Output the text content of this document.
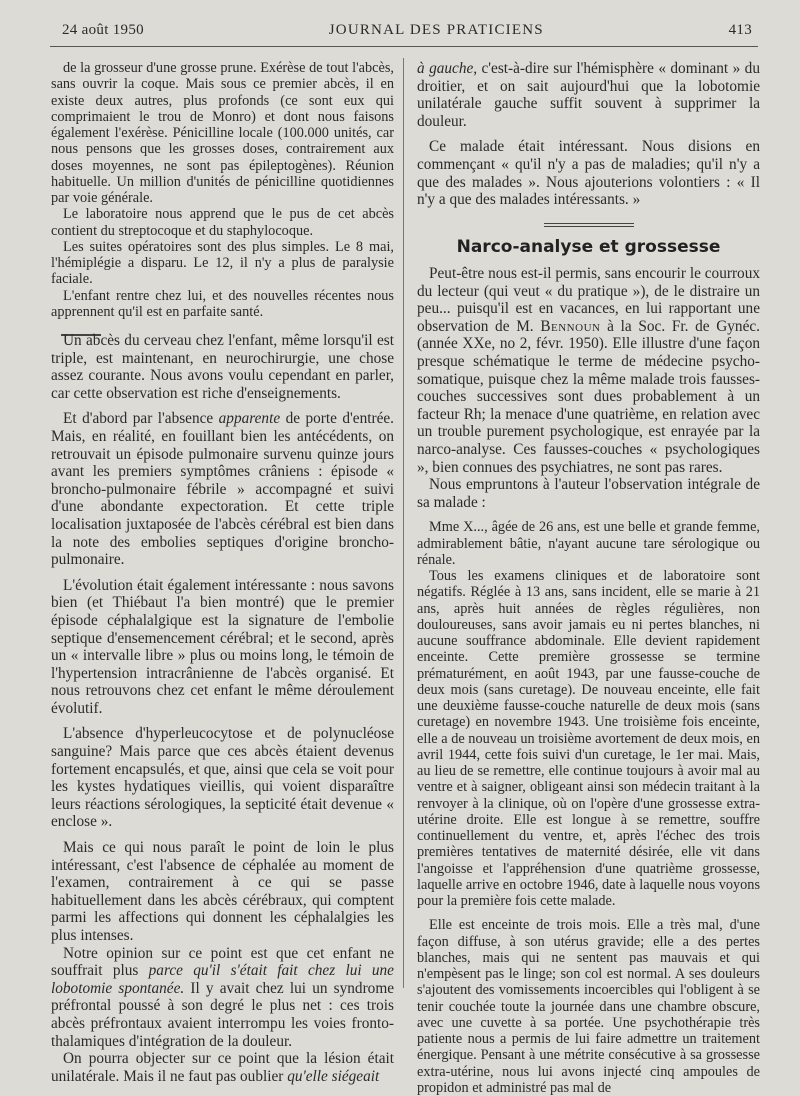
24 août 1950	JOURNAL DES PRATICIENS	413

de la grosseur d'une grosse prune. Exérèse de tout l'abcès, sans ouvrir la coque. Mais sous ce premier abcès, il en existe deux autres, plus profonds (ce sont eux qui comprimaient le trou de Monro) et dont nous faisons également l'exérèse. Pénicilline locale (100.000 unités, car nous pensons que les grosses doses, contrairement aux doses moyennes, ne sont pas épileptogènes). Réunion habituelle. Un million d'unités de pénicilline quotidiennes par voie générale.

Le laboratoire nous apprend que le pus de cet abcès contient du streptocoque et du staphylocoque.

Les suites opératoires sont des plus simples. Le 8 mai, l'hémiplégie a disparu. Le 12, il n'y a plus de paralysie faciale.

L'enfant rentre chez lui, et des nouvelles récentes nous apprennent qu'il est en parfaite santé.

Un abcès du cerveau chez l'enfant, même lorsqu'il est triple, est maintenant, en neurochirurgie, une chose assez courante. Nous avons voulu cependant en parler, car cette observation est riche d'enseignements.

Et d'abord par l'absence apparente de porte d'entrée. Mais, en réalité, en fouillant bien les antécédents, on retrouvait un épisode pulmonaire survenu quinze jours avant les premiers symptômes crâniens : épisode « broncho-pulmonaire fébrile » accompagné et suivi d'une abondante expectoration. Et cette triple localisation juxtaposée de l'abcès cérébral est bien dans la note des embolies septiques d'origine broncho-pulmonaire.

L'évolution était également intéressante : nous savons bien (et Thiébaut l'a bien montré) que le premier épisode céphalalgique est la signature de l'embolie septique d'ensemencement cérébral; et le second, après un « intervalle libre » plus ou moins long, le témoin de l'hypertension intracrânienne de l'abcès organisé. Et nous retrouvons chez cet enfant le même déroulement évolutif.

L'absence d'hyperleucocytose et de polynucléose sanguine? Mais parce que ces abcès étaient devenus fortement encapsulés, et que, ainsi que cela se voit pour les kystes hydatiques vieillis, qui voient disparaître leurs réactions sérologiques, la septicité était devenue « enclose ».

Mais ce qui nous paraît le point de loin le plus intéressant, c'est l'absence de céphalée au moment de l'examen, contrairement à ce qui se passe habituellement dans les abcès cérébraux, qui comptent parmi les affections qui donnent les céphalalgies les plus intenses.

Notre opinion sur ce point est que cet enfant ne souffrait plus parce qu'il s'était fait chez lui une lobotomie spontanée. Il y avait chez lui un syndrome préfrontal poussé à son degré le plus net : ces trois abcès préfrontaux avaient interrompu les voies fronto-thalamiques d'intégration de la douleur.

On pourra objecter sur ce point que la lésion était unilatérale. Mais il ne faut pas oublier qu'elle siégeait

à gauche, c'est-à-dire sur l'hémisphère « dominant » du droitier, et on sait aujourd'hui que la lobotomie unilatérale gauche suffit souvent à supprimer la douleur.

Ce malade était intéressant. Nous disions en commençant « qu'il n'y a pas de maladies; qu'il n'y a que des malades ». Nous ajouterions volontiers : « Il n'y a que des malades intéressants. »

Narco-analyse et grossesse

Peut-être nous est-il permis, sans encourir le courroux du lecteur (qui veut « du pratique »), de le distraire un peu... puisqu'il est en vacances, en lui rapportant une observation de M. Bennoun à la Soc. Fr. de Gynéc. (année XXe, no 2, févr. 1950). Elle illustre d'une façon presque schématique le terme de médecine psycho-somatique, puisque chez la même malade trois fausses-couches successives sont dues probablement à un facteur Rh; la menace d'une quatrième, en relation avec un trouble purement psychologique, est enrayée par la narco-analyse. Ces fausses-couches « psychologiques », bien connues des psychiatres, ne sont pas rares.

Nous empruntons à l'auteur l'observation intégrale de sa malade :

Mme X..., âgée de 26 ans, est une belle et grande femme, admirablement bâtie, n'ayant aucune tare sérologique ou rénale.

Tous les examens cliniques et de laboratoire sont négatifs. Réglée à 13 ans, sans incident, elle se marie à 21 ans, après huit années de règles régulières, non douloureuses, sans avoir jamais eu ni pertes blanches, ni aucune souffrance abdominale. Elle devient rapidement enceinte. Cette première grossesse se termine prématurément, en août 1943, par une fausse-couche de deux mois (sans curetage). De nouveau enceinte, elle fait une deuxième fausse-couche naturelle de deux mois (sans curetage) en novembre 1943. Une troisième fois enceinte, elle a de nouveau un troisième avortement de deux mois, en avril 1944, cette fois suivi d'un curetage, le 1er mai. Mais, au lieu de se remettre, elle continue toujours à avoir mal au ventre et à saigner, obligeant ainsi son médecin traitant à la renvoyer à la clinique, où on l'opère d'une grossesse extra-utérine droite. Elle est longue à se remettre, souffre continuellement du ventre, et, après l'échec des trois premières tentatives de maternité désirée, elle vit dans l'angoisse et l'appréhension d'une quatrième grossesse, laquelle arrive en octobre 1946, date à laquelle nous voyons pour la première fois cette malade.

Elle est enceinte de trois mois. Elle a très mal, d'une façon diffuse, à son utérus gravide; elle a des pertes blanches, mais qui ne sentent pas mauvais et qui n'empèsent pas le linge; son col est normal. A ses douleurs s'ajoutent des vomissements incoercibles qui l'obligent à se tenir couchée toute la journée dans une chambre obscure, avec une cuvette à sa portée. Une psychothérapie très patiente nous a permis de lui faire admettre un traitement énergique. Pensant à une métrite consécutive à sa grossesse extra-utérine, nous lui avons injecté cinq ampoules de propidon et administré pas mal de
